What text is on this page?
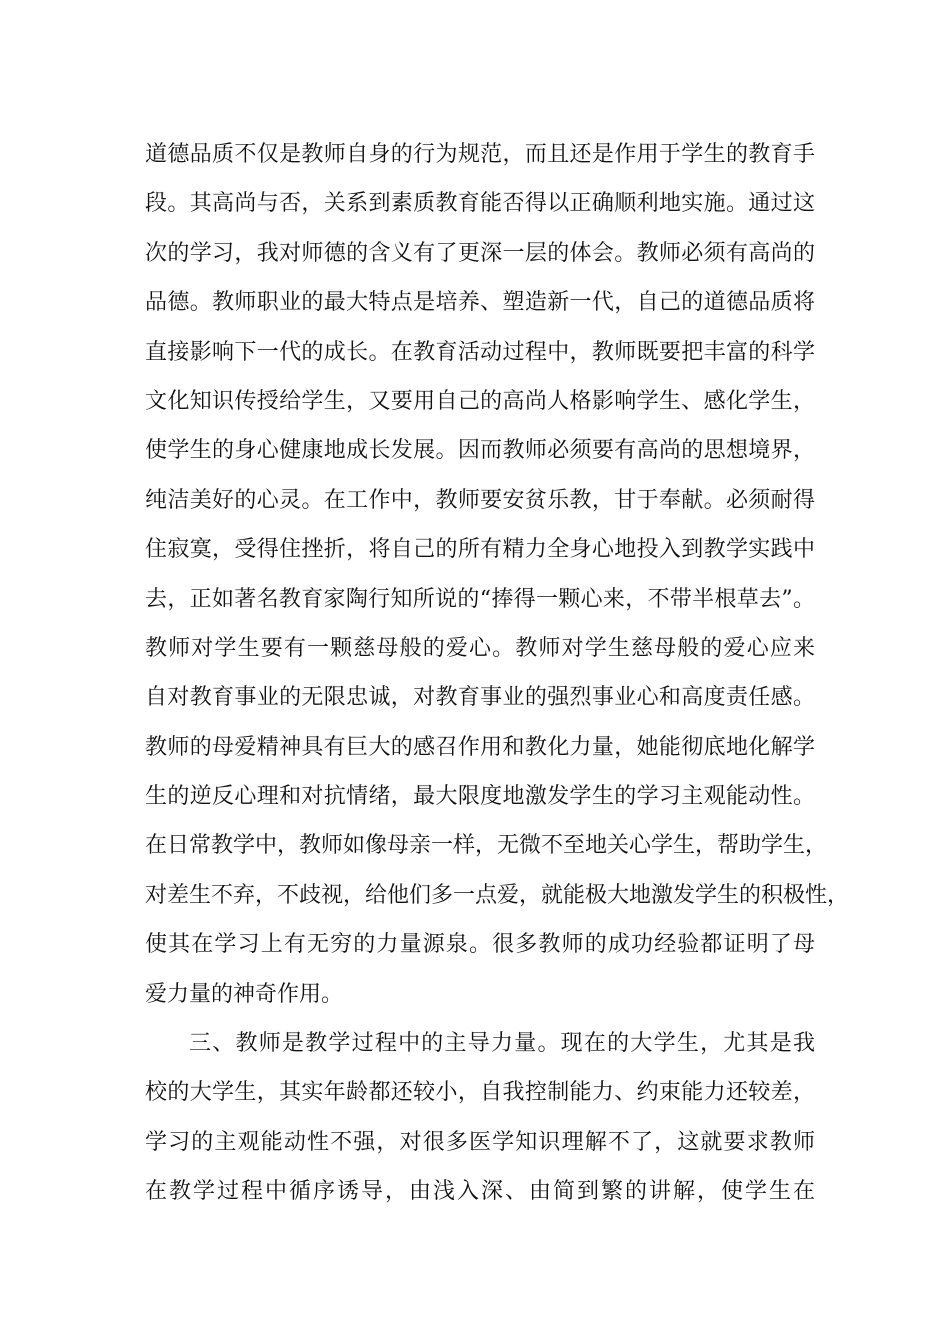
道德品质不仅是教师自身的行为规范，而且还是作用于学生的教育手
段。其高尚与否，关系到素质教育能否得以正确顺利地实施。通过这
次的学习，我对师德的含义有了更深一层的体会。教师必须有高尚的
品德。教师职业的最大特点是培养、塑造新一代，自己的道德品质将
直接影响下一代的成长。在教育活动过程中，教师既要把丰富的科学
文化知识传授给学生，又要用自己的高尚人格影响学生、感化学生，
使学生的身心健康地成长发展。因而教师必须要有高尚的思想境界，
纯洁美好的心灵。在工作中，教师要安贫乐教，甘于奉献。必须耐得
住寂寞，受得住挫折，将自己的所有精力全身心地投入到教学实践中
去，正如著名教育家陶行知所说的“捧得一颗心来，不带半根草去”。
教师对学生要有一颗慈母般的爱心。教师对学生慈母般的爱心应来
自对教育事业的无限忠诚，对教育事业的强烈事业心和高度责任感。
教师的母爱精神具有巨大的感召作用和教化力量，她能彻底地化解学
生的逆反心理和对抗情绪，最大限度地激发学生的学习主观能动性。
在日常教学中，教师如像母亲一样，无微不至地关心学生，帮助学生，
对差生不弃，不歧视，给他们多一点爱，就能极大地激发学生的积极性，
使其在学习上有无穷的力量源泉。很多教师的成功经验都证明了母
爱力量的神奇作用。
三、教师是教学过程中的主导力量。现在的大学生，尤其是我
校的大学生，其实年龄都还较小，自我控制能力、约束能力还较差，
学习的主观能动性不强，对很多医学知识理解不了，这就要求教师
在教学过程中循序诱导，由浅入深、由简到繁的讲解，使学生在
